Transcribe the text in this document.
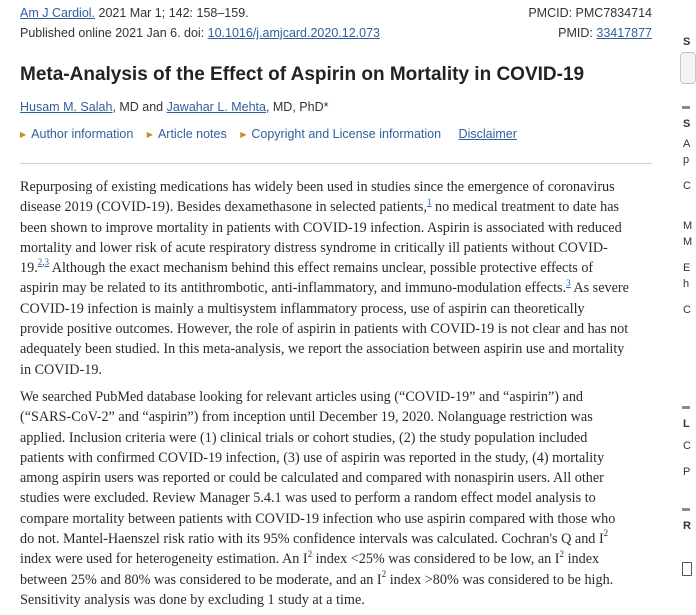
Am J Cardiol. 2021 Mar 1; 142: 158–159.	PMCID: PMC7834714
Published online 2021 Jan 6. doi: 10.1016/j.amjcard.2020.12.073	PMID: 33417877
Meta-Analysis of the Effect of Aspirin on Mortality in COVID-19
Husam M. Salah, MD and Jawahar L. Mehta, MD, PhD*
▶ Author information ▶ Article notes ▶ Copyright and License information Disclaimer
Repurposing of existing medications has widely been used in studies since the emergence of coronavirus
disease 2019 (COVID-19). Besides dexamethasone in selected patients,$^1$ no medical treatment to date has
been shown to improve mortality in patients with COVID-19 infection. Aspirin is associated with reduced
mortality and lower risk of acute respiratory distress syndrome in critically ill patients without COVID-
19.$^{2,3}$ Although the exact mechanism behind this effect remains unclear, possible protective effects of
aspirin may be related to its antithrombotic, anti-inflammatory, and immuno-modulation effects.$^3$ As severe
COVID-19 infection is mainly a multisystem inflammatory process, use of aspirin can theoretically
provide positive outcomes. However, the role of aspirin in patients with COVID-19 is not clear and has not
adequately been studied. In this meta-analysis, we report the association between aspirin use and mortality
in COVID-19.
We searched PubMed database looking for relevant articles using (“COVID-19” and “aspirin”) and
(“SARS-CoV-2” and “aspirin”) from inception until December 19, 2020. Nolanguage restriction was
applied. Inclusion criteria were (1) clinical trials or cohort studies, (2) the study population included
patients with confirmed COVID-19 infection, (3) use of aspirin was reported in the study, (4) mortality
among aspirin users was reported or could be calculated and compared with nonaspirin users. All other
studies were excluded. Review Manager 5.4.1 was used to perform a random effect model analysis to
compare mortality between patients with COVID-19 infection who use aspirin compared with those who
do not. Mantel-Haenszel risk ratio with its 95% confidence intervals was calculated. Cochran's Q and $I^2$
index were used for heterogeneity estimation. An $I^2$ index <25% was considered to be low, an $I^2$ index
between 25% and 80% was considered to be moderate, and an $I^2$ index >80% was considered to be high.
Sensitivity analysis was done by excluding 1 study at a time.
S
S
A
p
C
M
M
E
h
C
L
C
P
R
